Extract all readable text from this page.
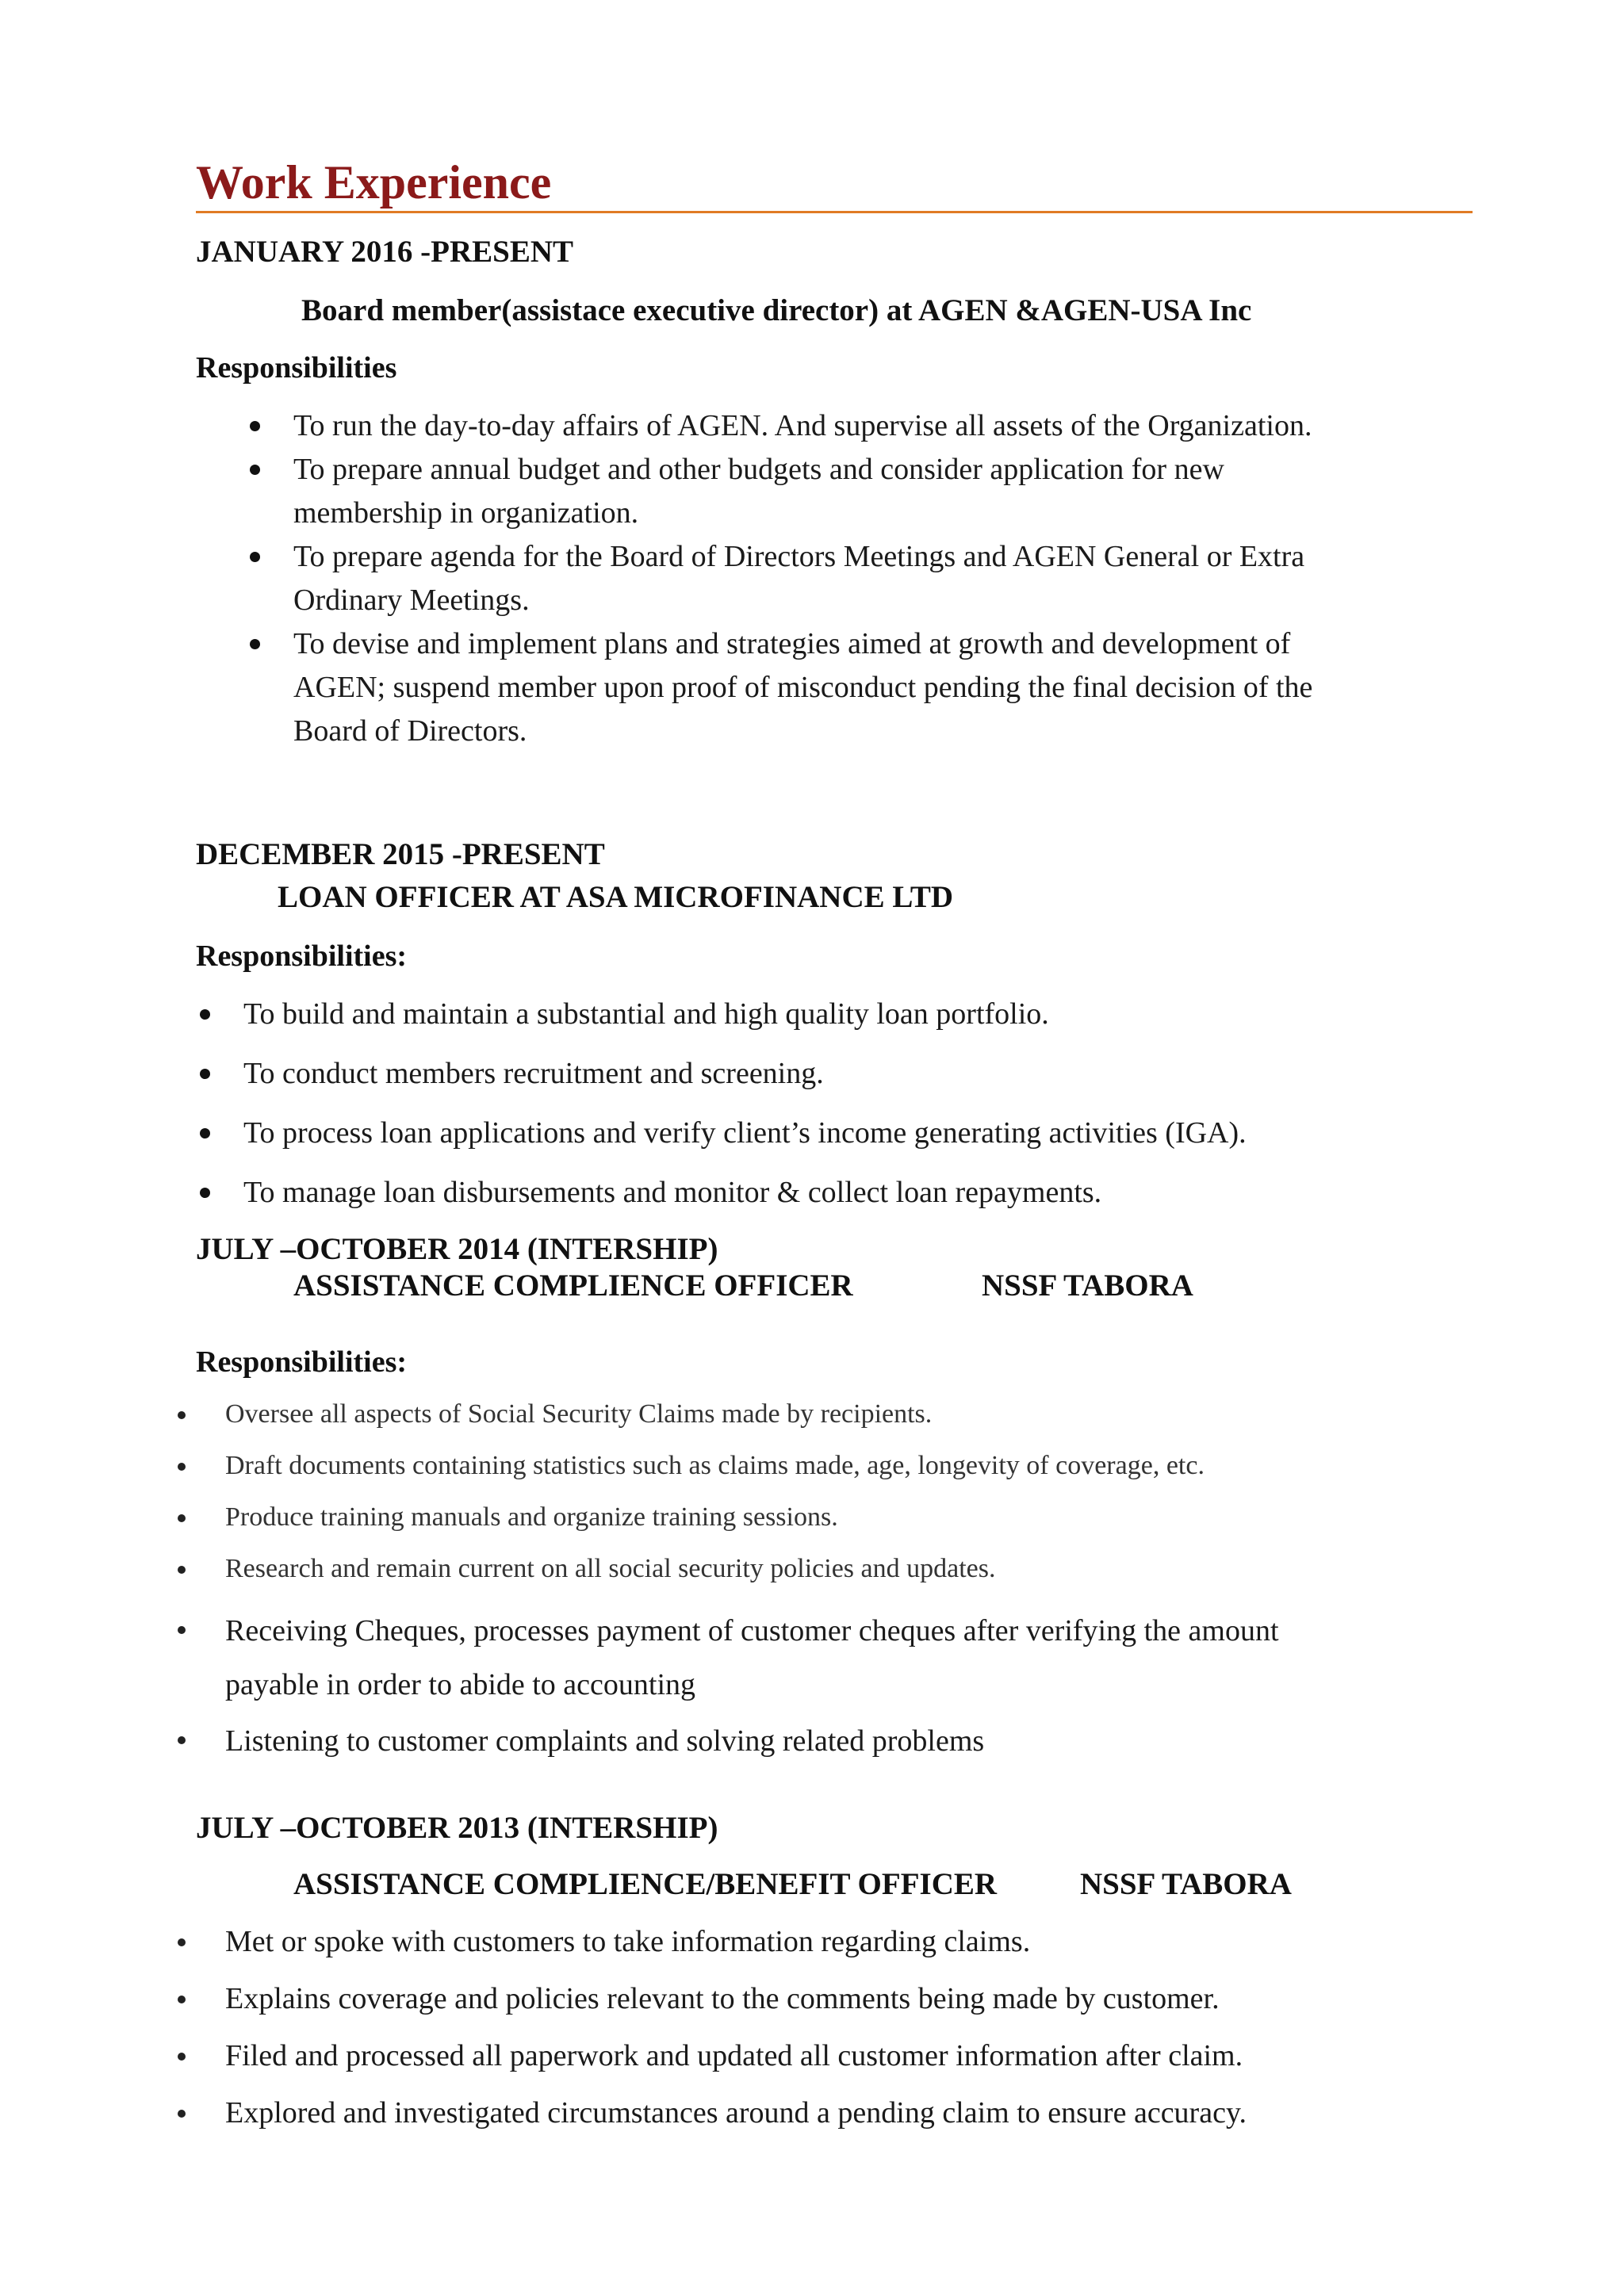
Work Experience
JANUARY 2016 -PRESENT
Board member(assistace executive director) at AGEN &AGEN-USA Inc
Responsibilities
To run the day-to-day affairs of AGEN. And supervise all assets of the Organization.
To prepare annual budget and other budgets and consider application for new membership in organization.
To prepare agenda for the Board of Directors Meetings and AGEN General or Extra Ordinary Meetings.
To devise and implement plans and strategies aimed at growth and development of AGEN; suspend member upon proof of misconduct pending the final decision of the Board of Directors.
DECEMBER 2015 -PRESENT
LOAN OFFICER AT ASA MICROFINANCE LTD
Responsibilities:
To build and maintain a substantial and high quality loan portfolio.
To conduct members recruitment and screening.
To process loan applications and verify client’s income generating activities (IGA).
To manage loan disbursements and monitor & collect loan repayments.
JULY –OCTOBER 2014 (INTERSHIP)
ASSISTANCE COMPLIENCE OFFICER	NSSF TABORA
Responsibilities:
Oversee all aspects of Social Security Claims made by recipients.
Draft documents containing statistics such as claims made, age, longevity of coverage, etc.
Produce training manuals and organize training sessions.
Research and remain current on all social security policies and updates.
Receiving Cheques, processes payment of customer cheques after verifying the amount payable in order to abide to accounting
Listening to customer complaints and solving related problems
JULY –OCTOBER 2013 (INTERSHIP)
ASSISTANCE COMPLIENCE/BENEFIT OFFICER	NSSF TABORA
Met or spoke with customers to take information regarding claims.
Explains coverage and policies relevant to the comments being made by customer.
Filed and processed all paperwork and updated all customer information after claim.
Explored and investigated circumstances around a pending claim to ensure accuracy.
